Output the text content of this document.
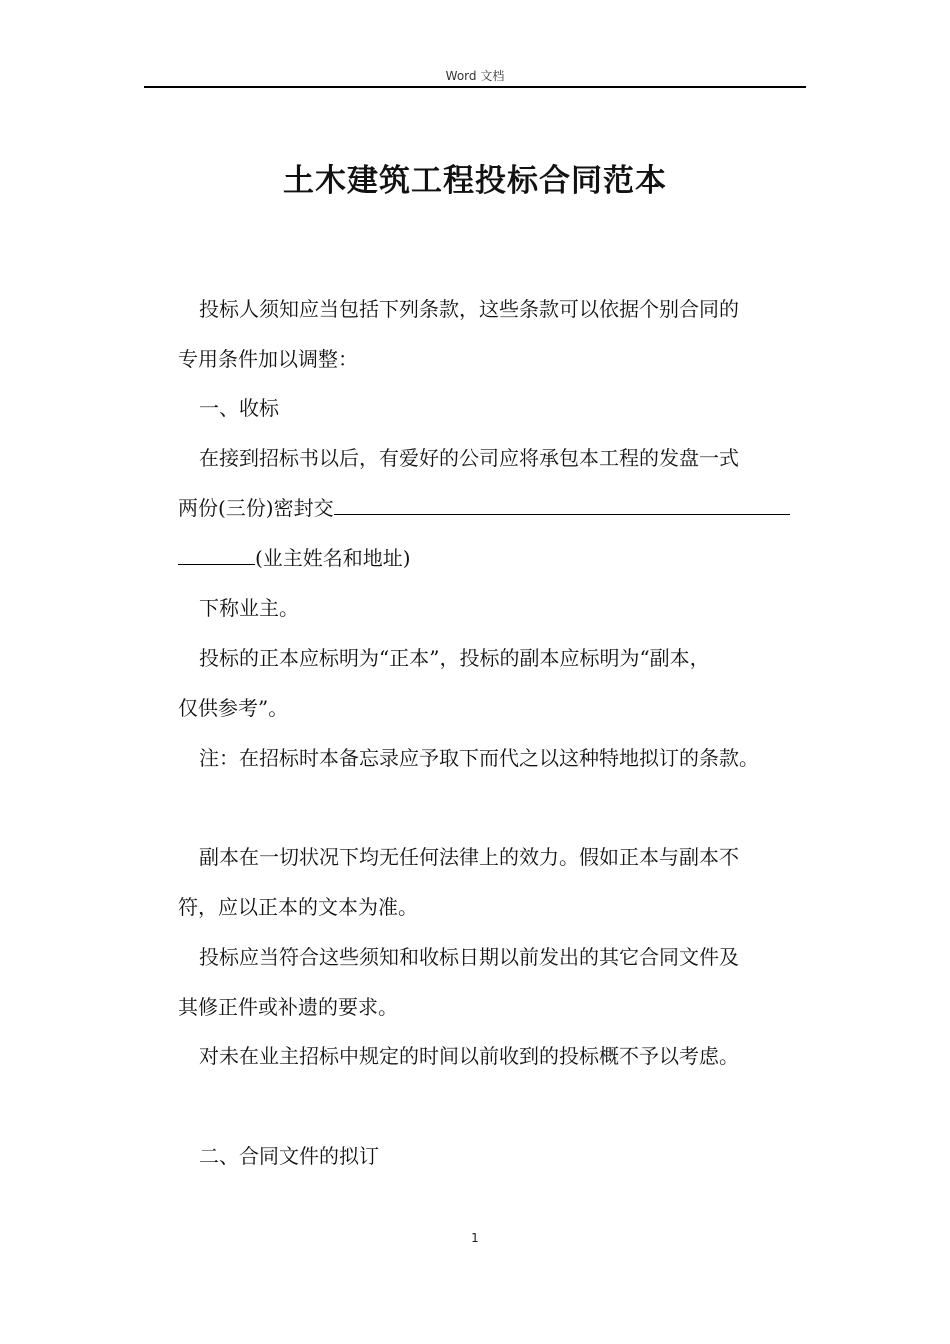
Word 文档
土木建筑工程投标合同范本
投标人须知应当包括下列条款，这些条款可以依据个别合同的
专用条件加以调整：
一、收标
在接到招标书以后，有爱好的公司应将承包本工程的发盘一式
两份(三份)密封交
(业主姓名和地址)
下称业主。
投标的正本应标明为“正本”，投标的副本应标明为“副本，
仅供参考”。
注：在招标时本备忘录应予取下而代之以这种特地拟订的条款。
副本在一切状况下均无任何法律上的效力。假如正本与副本不
符，应以正本的文本为准。
投标应当符合这些须知和收标日期以前发出的其它合同文件及
其修正件或补遗的要求。
对未在业主招标中规定的时间以前收到的投标概不予以考虑。
二、合同文件的拟订
1
